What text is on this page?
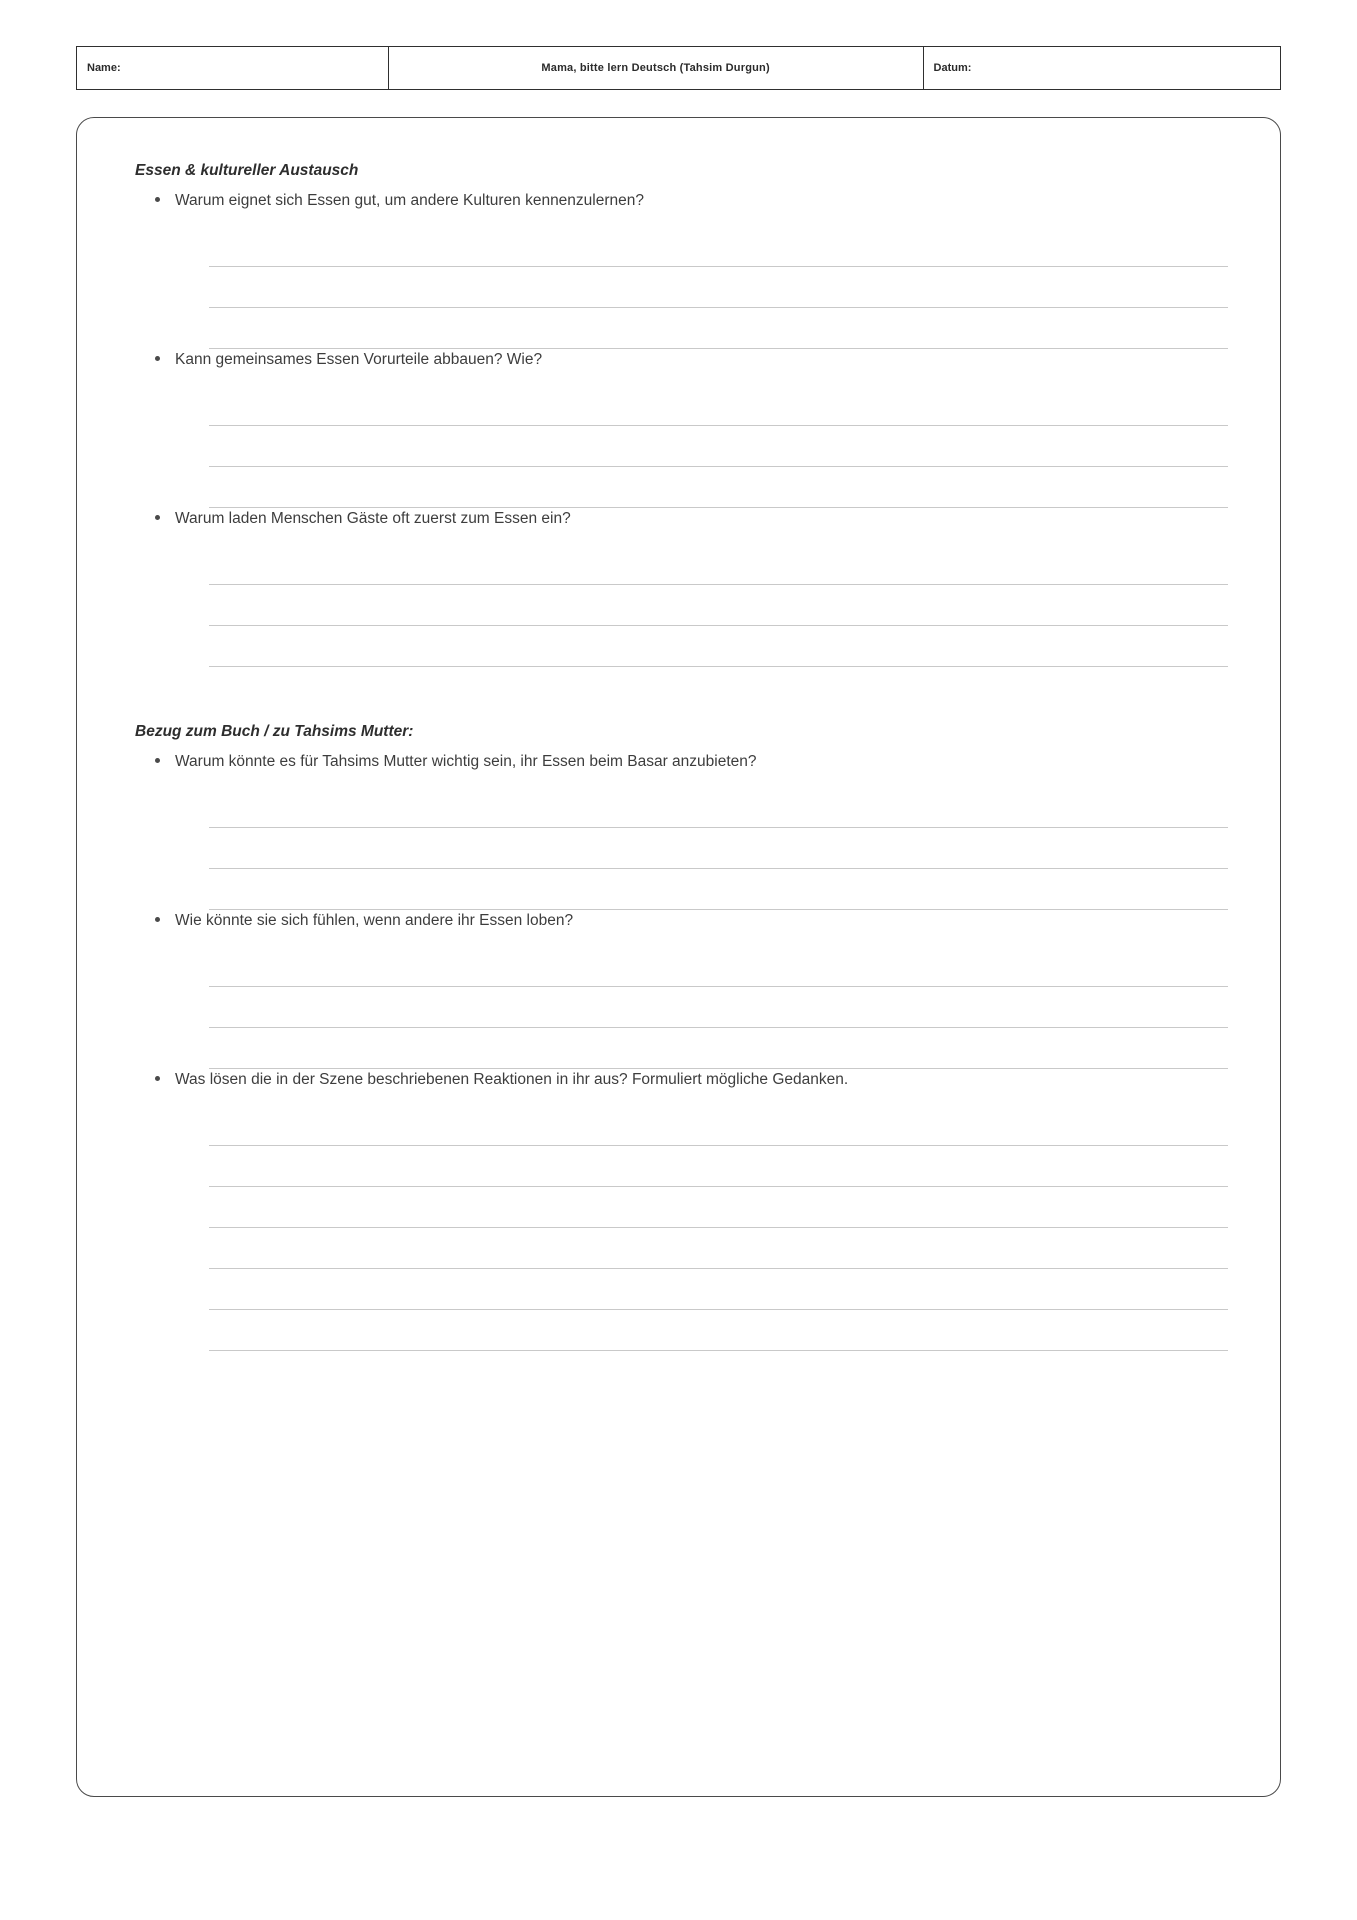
Name:	Mama, bitte lern Deutsch (Tahsim Durgun)	Datum:
Essen & kultureller Austausch
Warum eignet sich Essen gut, um andere Kulturen kennenzulernen?
Kann gemeinsames Essen Vorurteile abbauen? Wie?
Warum laden Menschen Gäste oft zuerst zum Essen ein?
Bezug zum Buch / zu Tahsims Mutter:
Warum könnte es für Tahsims Mutter wichtig sein, ihr Essen beim Basar anzubieten?
Wie könnte sie sich fühlen, wenn andere ihr Essen loben?
Was lösen die in der Szene beschriebenen Reaktionen in ihr aus? Formuliert mögliche Gedanken.
